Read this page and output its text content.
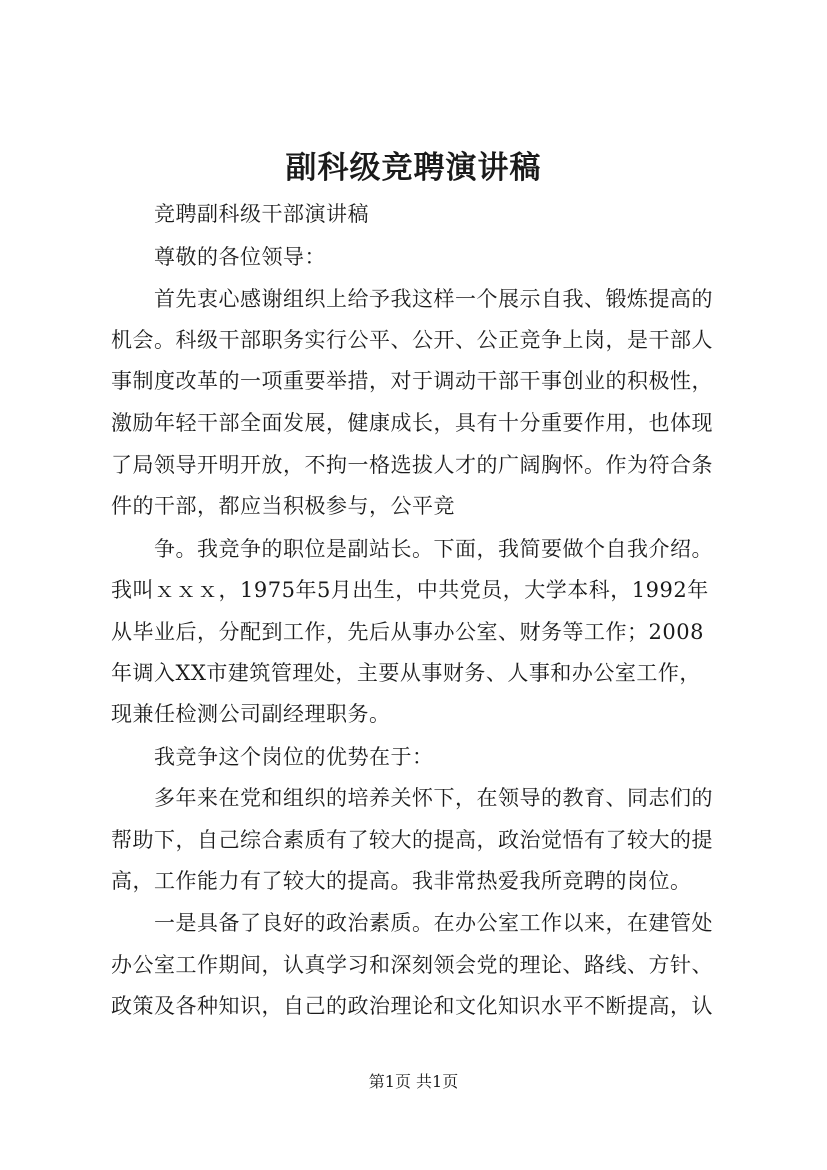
副科级竞聘演讲稿
　　竞聘副科级干部演讲稿
　　尊敬的各位领导：
　　首先衷心感谢组织上给予我这样一个展示自我、锻炼提高的
机会。科级干部职务实行公平、公开、公正竞争上岗，是干部人
事制度改革的一项重要举措，对于调动干部干事创业的积极性，
激励年轻干部全面发展，健康成长，具有十分重要作用，也体现
了局领导开明开放，不拘一格选拔人才的广阔胸怀。作为符合条
件的干部，都应当积极参与，公平竞
　　争。我竞争的职位是副站长。下面，我简要做个自我介绍。
我叫ｘｘｘ，1975年5月出生，中共党员，大学本科，1992年
从毕业后，分配到工作，先后从事办公室、财务等工作；2008
年调入XX市建筑管理处，主要从事财务、人事和办公室工作，
现兼任检测公司副经理职务。
　　我竞争这个岗位的优势在于：
　　多年来在党和组织的培养关怀下，在领导的教育、同志们的
帮助下，自己综合素质有了较大的提高，政治觉悟有了较大的提
高，工作能力有了较大的提高。我非常热爱我所竞聘的岗位。
　　一是具备了良好的政治素质。在办公室工作以来，在建管处
办公室工作期间，认真学习和深刻领会党的理论、路线、方针、
政策及各种知识，自己的政治理论和文化知识水平不断提高，认
第1页 共1页
